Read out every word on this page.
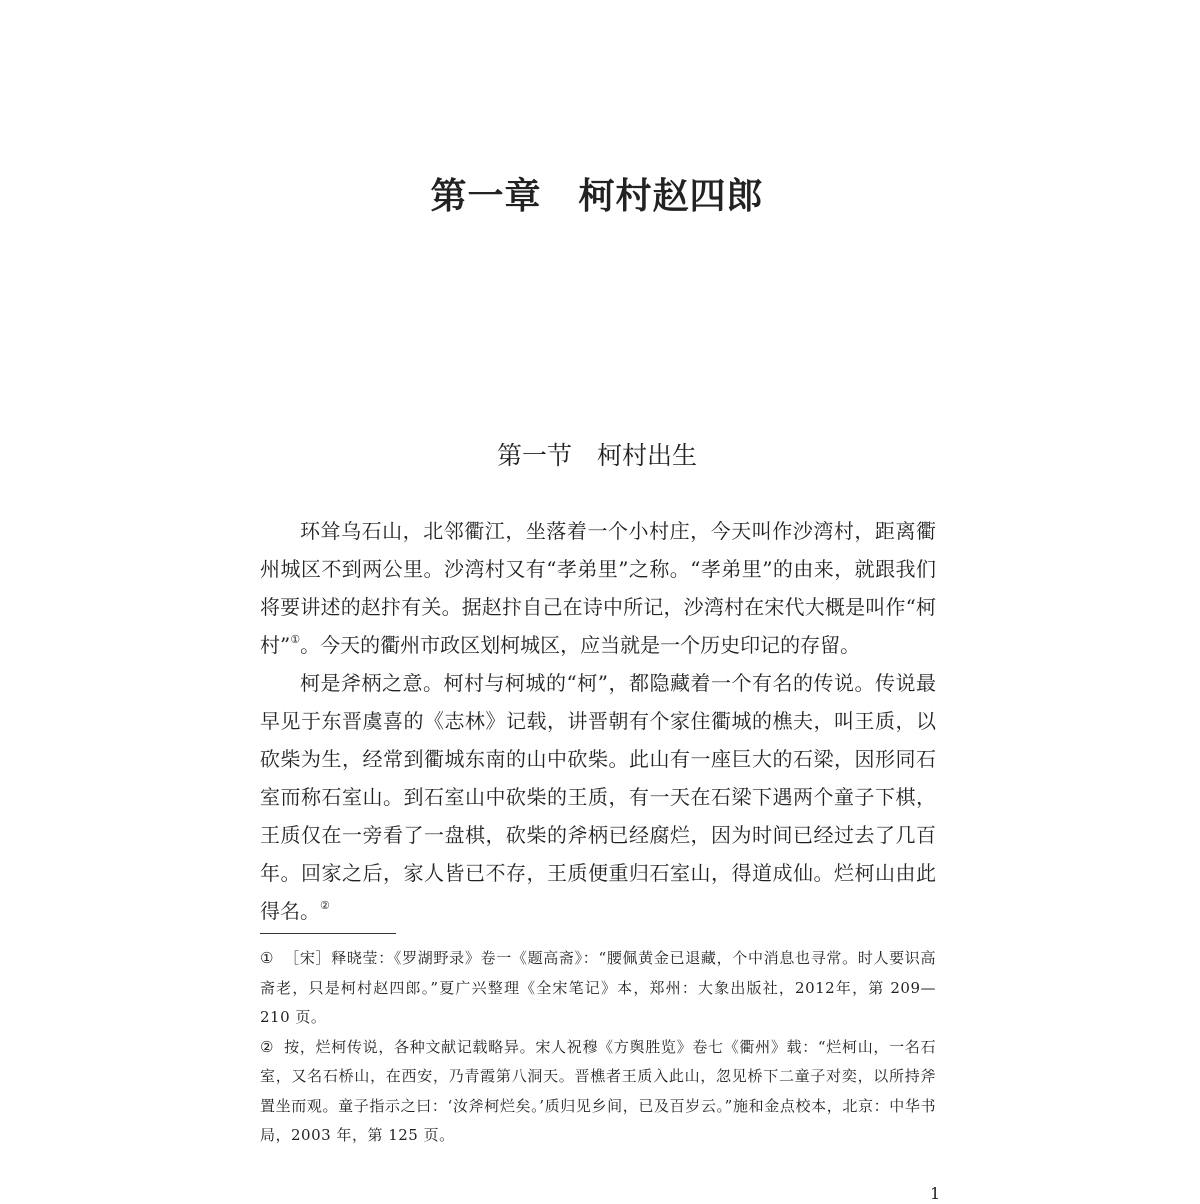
第一章　柯村赵四郎
第一节　柯村出生

环耸乌石山，北邻衢江，坐落着一个小村庄，今天叫作沙湾村，距离衢州城区不到两公里。沙湾村又有“孝弟里”之称。“孝弟里”的由来，就跟我们将要讲述的赵抃有关。据赵抃自己在诗中所记，沙湾村在宋代大概是叫作“柯村”①。今天的衢州市政区划柯城区，应当就是一个历史印记的存留。

柯是斧柄之意。柯村与柯城的“柯”，都隐藏着一个有名的传说。传说最早见于东晋虞喜的《志林》记载，讲晋朝有个家住衢城的樵夫，叫王质，以砍柴为生，经常到衢城东南的山中砍柴。此山有一座巨大的石梁，因形同石室而称石室山。到石室山中砍柴的王质，有一天在石梁下遇两个童子下棋，王质仅在一旁看了一盘棋，砍柴的斧柄已经腐烂，因为时间已经过去了几百年。回家之后，家人皆已不存，王质便重归石室山，得道成仙。烂柯山由此得名。②

① ［宋］释晓莹：《罗湖野录》卷一《题高斋》：“腰佩黄金已退藏，个中消息也寻常。时人要识高斋老，只是柯村赵四郎。”夏广兴整理《全宋笔记》本，郑州：大象出版社，2012年，第 209—210 页。

② 按，烂柯传说，各种文献记载略异。宋人祝穆《方舆胜览》卷七《衢州》载：“烂柯山，一名石室，又名石桥山，在西安，乃青霞第八洞天。晋樵者王质入此山，忽见桥下二童子对奕，以所持斧置坐而观。童子指示之曰：‘汝斧柯烂矣。’质归见乡间，已及百岁云。”施和金点校本，北京：中华书局，2003 年，第 125 页。

1
